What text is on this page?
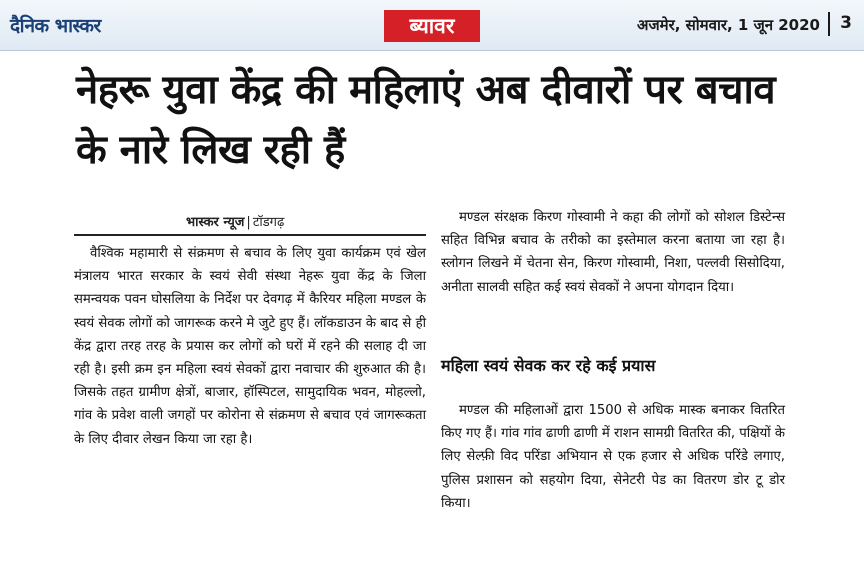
दैनिक भास्कर	ब्यावर	अजमेर, सोमवार, 1 जून 2020 3
नेहरू युवा केंद्र की महिलाएं अब दीवारों पर बचाव के नारे लिख रही हैं
भास्कर न्यूज | टॉडगढ़
वैश्विक महामारी से संक्रमण से बचाव के लिए युवा कार्यक्रम एवं खेल मंत्रालय भारत सरकार के स्वयं सेवी संस्था नेहरू युवा केंद्र के जिला समन्वयक पवन घोसलिया के निर्देश पर देवगढ़ में कैरियर महिला मण्डल के स्वयं सेवक लोगों को जागरूक करने मे जुटे हुए हैं। लॉकडाउन के बाद से ही केंद्र द्वारा तरह तरह के प्रयास कर लोगों को घरों में रहने की सलाह दी जा रही है। इसी क्रम इन महिला स्वयं सेवकों द्वारा नवाचार की शुरुआत की है। जिसके तहत ग्रामीण क्षेत्रों, बाजार, हॉस्पिटल, सामुदायिक भवन, मोहल्लो, गांव के प्रवेश वाली जगहों पर कोरोना से संक्रमण से बचाव एवं जागरूकता के लिए दीवार लेखन किया जा रहा है।
मण्डल संरक्षक किरण गोस्वामी ने कहा की लोगों को सोशल डिस्टेन्स सहित विभिन्न बचाव के तरीको का इस्तेमाल करना बताया जा रहा है। स्लोगन लिखने में चेतना सेन, किरण गोस्वामी, निशा, पल्लवी सिसोदिया, अनीता सालवी सहित कई स्वयं सेवकों ने अपना योगदान दिया।
महिला स्वयं सेवक कर रहे कई प्रयास
मण्डल की महिलाओं द्वारा 1500 से अधिक मास्क बनाकर वितरित किए गए हैं। गांव गांव ढाणी ढाणी में राशन सामग्री वितरित की, पक्षियों के लिए सेल्फ़ी विद परिंडा अभियान से एक हजार से अधिक परिंडे लगाए, पुलिस प्रशासन को सहयोग दिया, सेनेटरी पेड का वितरण डोर टू डोर किया।
